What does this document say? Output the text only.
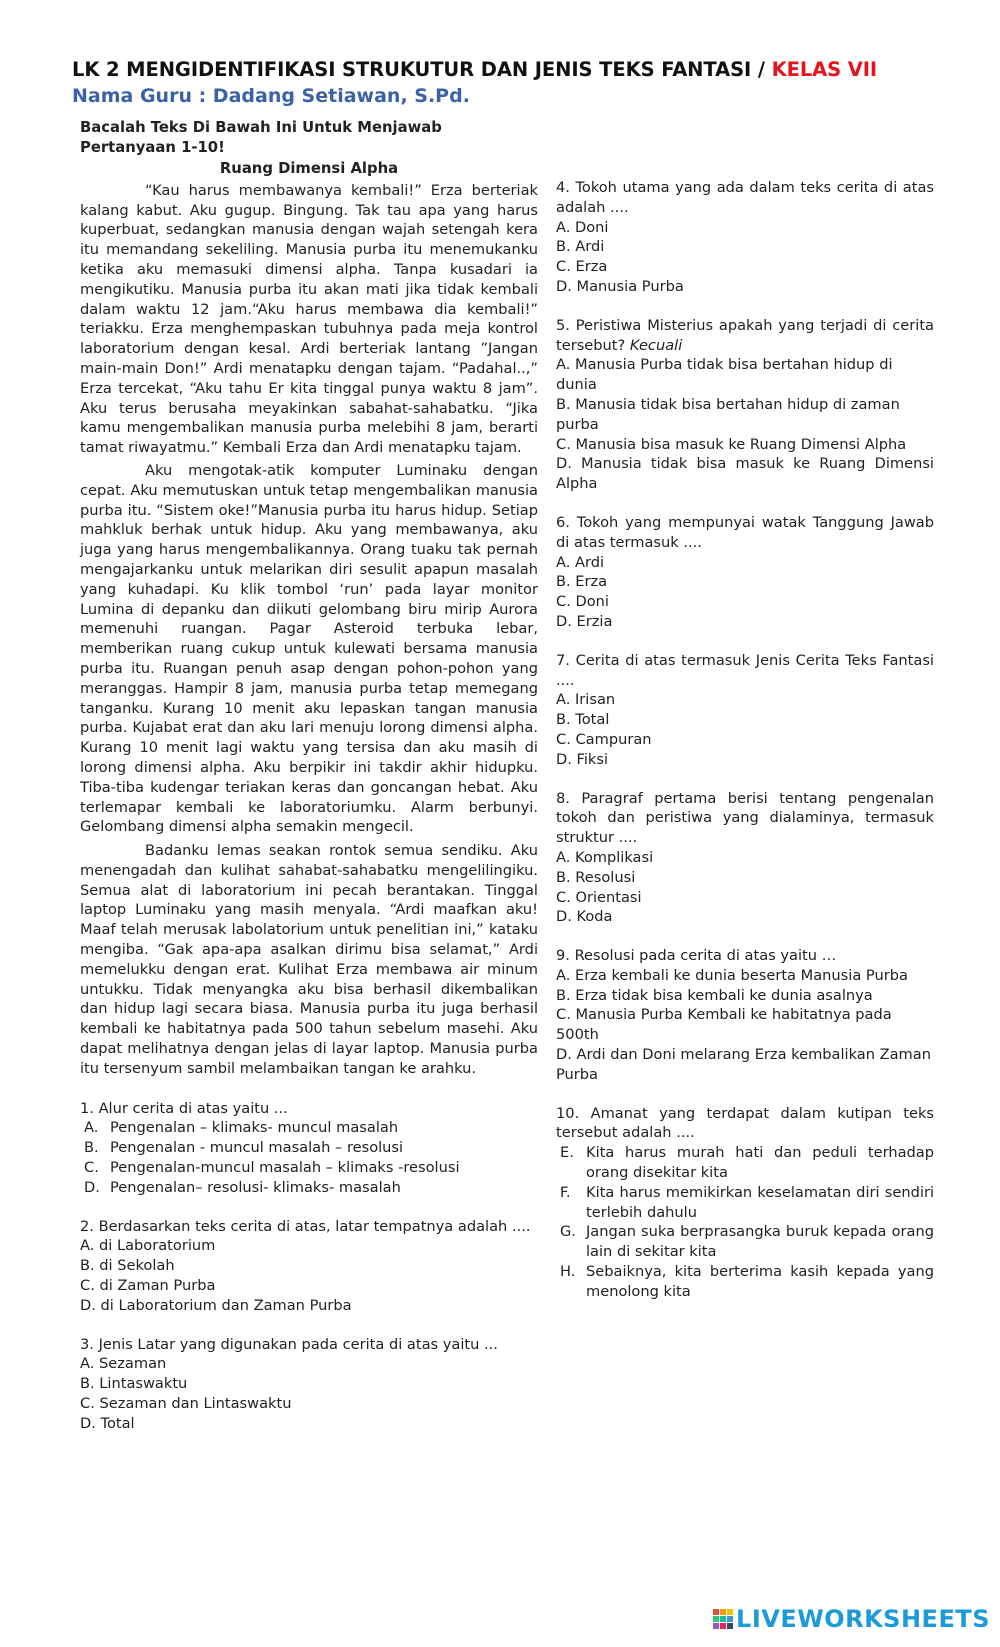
LK 2 MENGIDENTIFIKASI STRUKUTUR DAN JENIS TEKS FANTASI / KELAS VII
Nama Guru : Dadang Setiawan, S.Pd.
Bacalah Teks Di Bawah Ini Untuk Menjawab Pertanyaan 1-10!
Ruang Dimensi Alpha

“Kau harus membawanya kembali!” Erza berteriak kalang kabut. Aku gugup. Bingung. Tak tau apa yang harus kuperbuat, sedangkan manusia dengan wajah setengah kera itu memandang sekeliling. Manusia purba itu menemukanku ketika aku memasuki dimensi alpha. Tanpa kusadari ia mengikutiku. Manusia purba itu akan mati jika tidak kembali dalam waktu 12 jam.“Aku harus membawa dia kembali!” teriakku. Erza menghempaskan tubuhnya pada meja kontrol laboratorium dengan kesal. Ardi berteriak lantang ”Jangan main-main Don!” Ardi menatapku dengan tajam. “Padahal..,” Erza tercekat, “Aku tahu Er kita tinggal punya waktu 8 jam”. Aku terus berusaha meyakinkan sabahat-sahabatku. “Jika kamu mengembalikan manusia purba melebihi 8 jam, berarti tamat riwayatmu.” Kembali Erza dan Ardi menatapku tajam.

Aku mengotak-atik komputer Luminaku dengan cepat. Aku memutuskan untuk tetap mengembalikan manusia purba itu. “Sistem oke!”Manusia purba itu harus hidup. Setiap mahkluk berhak untuk hidup. Aku yang membawanya, aku juga yang harus mengembalikannya. Orang tuaku tak pernah mengajarkanku untuk melarikan diri sesulit apapun masalah yang kuhadapi. Ku klik tombol ‘run’ pada layar monitor Lumina di depanku dan diikuti gelombang biru mirip Aurora memenuhi ruangan. Pagar Asteroid terbuka lebar, memberikan ruang cukup untuk kulewati bersama manusia purba itu. Ruangan penuh asap dengan pohon-pohon yang meranggas. Hampir 8 jam, manusia purba tetap memegang tanganku. Kurang 10 menit aku lepaskan tangan manusia purba. Kujabat erat dan aku lari menuju lorong dimensi alpha. Kurang 10 menit lagi waktu yang tersisa dan aku masih di lorong dimensi alpha. Aku berpikir ini takdir akhir hidupku. Tiba-tiba kudengar teriakan keras dan goncangan hebat. Aku terlemapar kembali ke laboratoriumku. Alarm berbunyi. Gelombang dimensi alpha semakin mengecil.

Badanku lemas seakan rontok semua sendiku. Aku menengadah dan kulihat sahabat-sahabatku mengelilingiku. Semua alat di laboratorium ini pecah berantakan. Tinggal laptop Luminaku yang masih menyala. “Ardi maafkan aku! Maaf telah merusak labolatorium untuk penelitian ini,” kataku mengiba. “Gak apa-apa asalkan dirimu bisa selamat,” Ardi memelukku dengan erat. Kulihat Erza membawa air minum untukku. Tidak menyangka aku bisa berhasil dikembalikan dan hidup lagi secara biasa. Manusia purba itu juga berhasil kembali ke habitatnya pada 500 tahun sebelum masehi. Aku dapat melihatnya dengan jelas di layar laptop. Manusia purba itu tersenyum sambil melambaikan tangan ke arahku.

1. Alur cerita di atas yaitu ...
A. Pengenalan – klimaks- muncul masalah
B. Pengenalan - muncul masalah – resolusi
C. Pengenalan-muncul masalah – klimaks -resolusi
D. Pengenalan– resolusi- klimaks- masalah
2. Berdasarkan teks cerita di atas, latar tempatnya adalah ....
A. di Laboratorium
B. di Sekolah
C. di Zaman Purba
D. di Laboratorium dan Zaman Purba
3. Jenis Latar yang digunakan pada cerita di atas yaitu ...
A. Sezaman
B. Lintaswaktu
C. Sezaman dan Lintaswaktu
D. Total
4. Tokoh utama yang ada dalam teks cerita di atas adalah ....
A. Doni
B. Ardi
C. Erza
D. Manusia Purba
5. Peristiwa Misterius apakah yang terjadi di cerita tersebut? Kecuali
A. Manusia Purba tidak bisa bertahan hidup di dunia
B. Manusia tidak bisa bertahan hidup di zaman purba
C. Manusia bisa masuk ke Ruang Dimensi Alpha
D. Manusia tidak bisa masuk ke Ruang Dimensi Alpha
6. Tokoh yang mempunyai watak Tanggung Jawab di atas termasuk ....
A. Ardi
B. Erza
C. Doni
D. Erzia
7. Cerita di atas termasuk Jenis Cerita Teks Fantasi ....
A. Irisan
B. Total
C. Campuran
D. Fiksi
8. Paragraf pertama berisi tentang pengenalan tokoh dan peristiwa yang dialaminya, termasuk struktur ....
A. Komplikasi
B. Resolusi
C. Orientasi
D. Koda
9. Resolusi pada cerita di atas yaitu …
A. Erza kembali ke dunia beserta Manusia Purba
B. Erza tidak bisa kembali ke dunia asalnya
C. Manusia Purba Kembali ke habitatnya pada 500th
D. Ardi dan Doni melarang Erza kembalikan Zaman Purba
10. Amanat yang terdapat dalam kutipan teks tersebut adalah ....
E. Kita harus murah hati dan peduli terhadap orang disekitar kita
F.	Kita harus memikirkan keselamatan diri sendiri terlebih dahulu
G. Jangan suka berprasangka buruk kepada orang lain di sekitar kita
H. Sebaiknya, kita berterima kasih kepada yang menolong kita
LIVEWORKSHEETS
